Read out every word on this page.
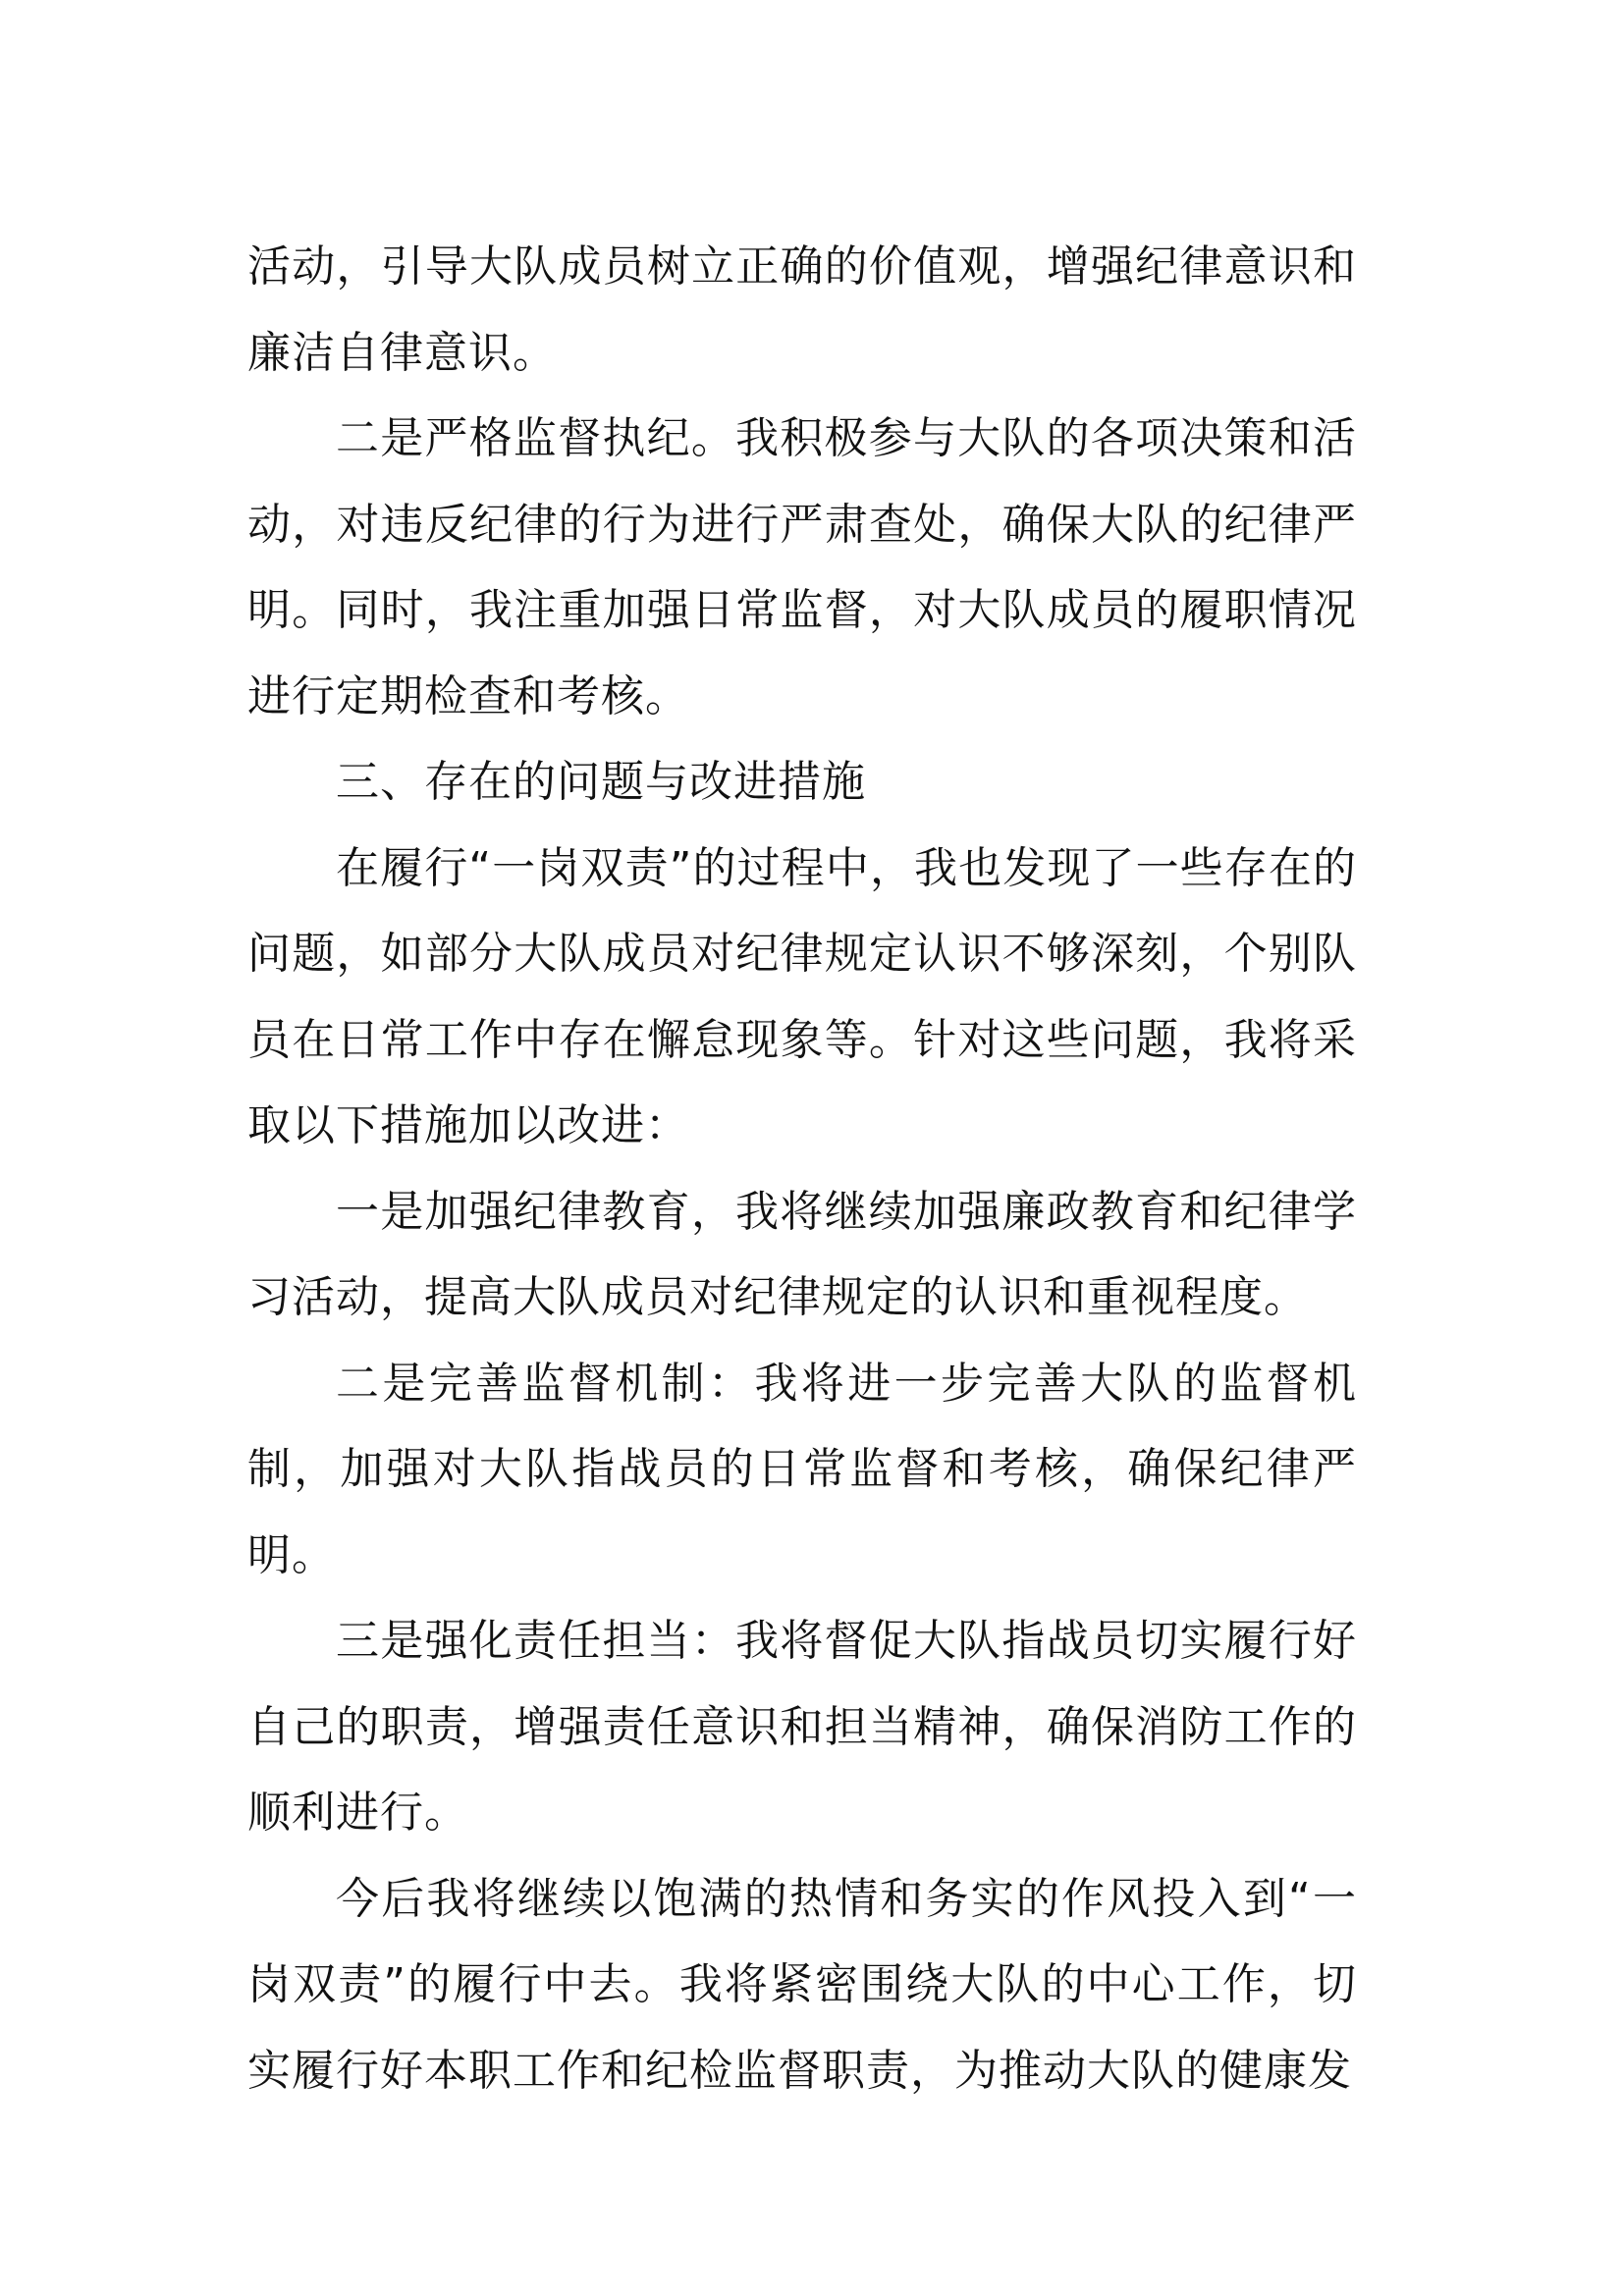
活动，引导大队成员树立正确的价值观，增强纪律意识和廉洁自律意识。

二是严格监督执纪。我积极参与大队的各项决策和活动，对违反纪律的行为进行严肃查处，确保大队的纪律严明。同时，我注重加强日常监督，对大队成员的履职情况进行定期检查和考核。

三、存在的问题与改进措施

在履行“一岗双责”的过程中，我也发现了一些存在的问题，如部分大队成员对纪律规定认识不够深刻，个别队员在日常工作中存在懈怠现象等。针对这些问题，我将采取以下措施加以改进：

一是加强纪律教育，我将继续加强廉政教育和纪律学习活动，提高大队成员对纪律规定的认识和重视程度。

二是完善监督机制：我将进一步完善大队的监督机制，加强对大队指战员的日常监督和考核，确保纪律严明。

三是强化责任担当：我将督促大队指战员切实履行好自己的职责，增强责任意识和担当精神，确保消防工作的顺利进行。

今后我将继续以饱满的热情和务实的作风投入到“一岗双责”的履行中去。我将紧密围绕大队的中心工作，切实履行好本职工作和纪检监督职责，为推动大队的健康发
